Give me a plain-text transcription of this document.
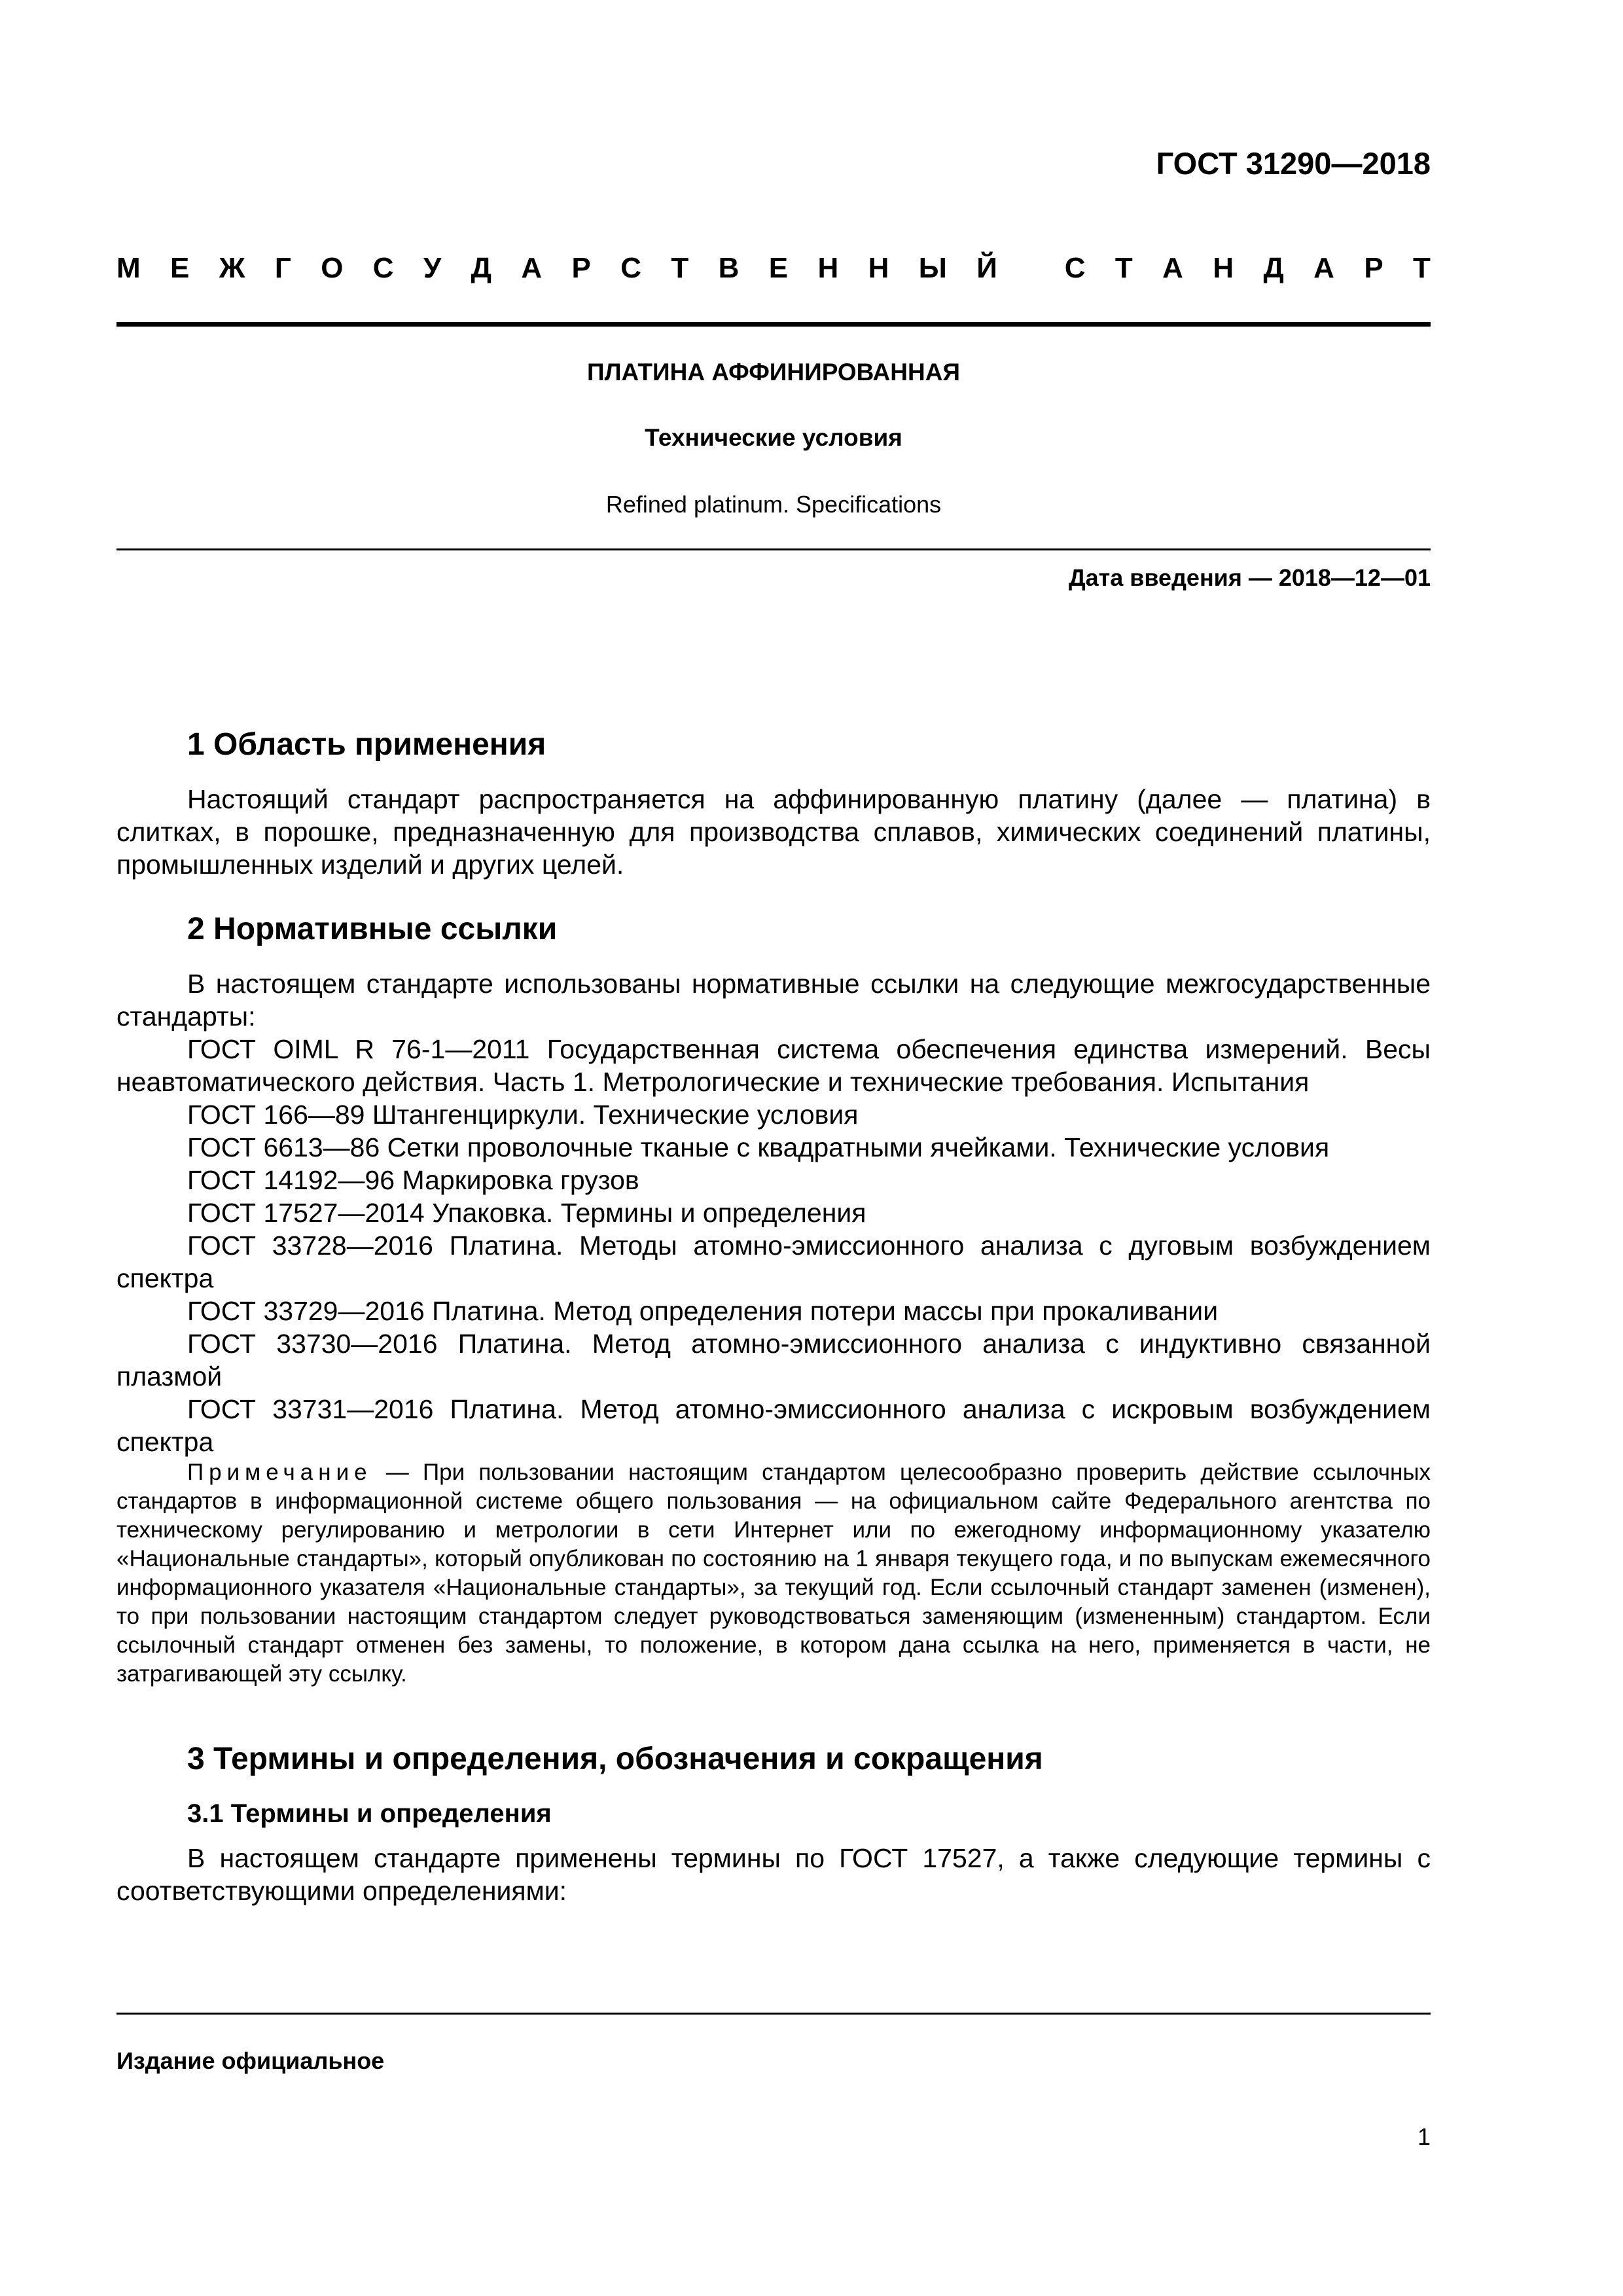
ГОСТ 31290—2018
М Е Ж Г О С У Д А Р С Т В Е Н Н Ы Й
С Т А Н Д А Р Т
ПЛАТИНА АФФИНИРОВАННАЯ
Технические условия
Refined platinum. Specifications
Дата введения — 2018—12—01
1 Область применения

Настоящий стандарт распространяется на аффинированную платину (далее — платина) в слитках, в порошке, предназначенную для производства сплавов, химических соединений платины, промышленных изделий и других целей.

2 Нормативные ссылки

В настоящем стандарте использованы нормативные ссылки на следующие межгосударственные стандарты:

ГОСТ OIML R 76-1—2011 Государственная система обеспечения единства измерений. Весы неавтоматического действия. Часть 1. Метрологические и технические требования. Испытания

ГОСТ 166—89 Штангенциркули. Технические условия

ГОСТ 6613—86 Сетки проволочные тканые с квадратными ячейками. Технические условия

ГОСТ 14192—96 Маркировка грузов

ГОСТ 17527—2014 Упаковка. Термины и определения

ГОСТ 33728—2016 Платина. Методы атомно-эмиссионного анализа с дуговым возбуждением спектра

ГОСТ 33729—2016 Платина. Метод определения потери массы при прокаливании

ГОСТ 33730—2016 Платина. Метод атомно-эмиссионного анализа с индуктивно связанной плазмой

ГОСТ 33731—2016 Платина. Метод атомно-эмиссионного анализа с искровым возбуждением спектра

Примечание — При пользовании настоящим стандартом целесообразно проверить действие ссылочных стандартов в информационной системе общего пользования — на официальном сайте Федерального агентства по техническому регулированию и метрологии в сети Интернет или по ежегодному информационному указателю «Национальные стандарты», который опубликован по состоянию на 1 января текущего года, и по выпускам ежемесячного информационного указателя «Национальные стандарты», за текущий год. Если ссылочный стандарт заменен (изменен), то при пользовании настоящим стандартом следует руководствоваться заменяющим (измененным) стандартом. Если ссылочный стандарт отменен без замены, то положение, в котором дана ссылка на него, применяется в части, не затрагивающей эту ссылку.

3 Термины и определения, обозначения и сокращения
3.1 Термины и определения

В настоящем стандарте применены термины по ГОСТ 17527, а также следующие термины с соответствующими определениями:

Издание официальное
1
